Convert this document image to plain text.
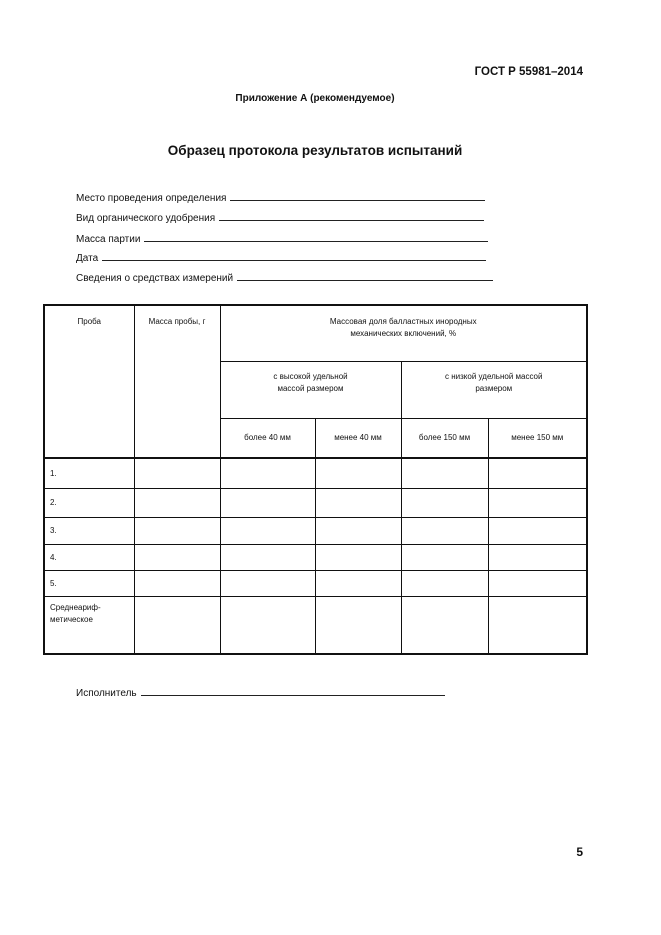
ГОСТ Р 55981–2014
Приложение А (рекомендуемое)
Образец протокола результатов испытаний
Место проведения определения
Вид органического удобрения
Масса партии
Дата
Сведения о средствах измерений
Проба	Масса пробы, г	Массовая доля балластных инородных механических включений, %			
		с высокой удельной массой размером		с низкой удельной массой размером	
		более 40 мм	менее 40 мм	более 150 мм	менее 150 мм
1.					
2.					
3.					
4.					
5.					
Среднеариф-метическое					
Исполнитель
5
